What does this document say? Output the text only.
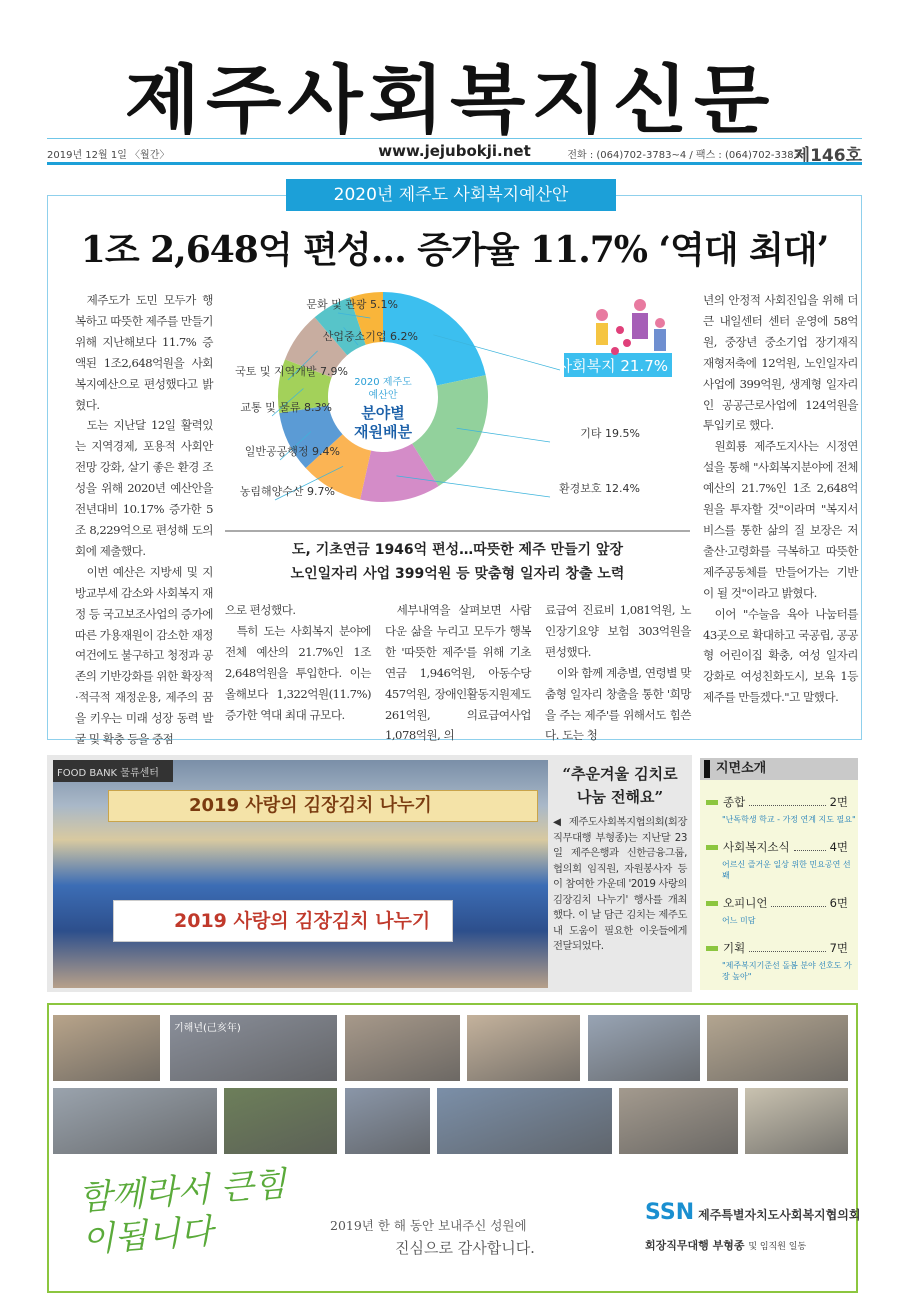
제주사회복지신문
2019년 12월 1일 〈월간〉	www.jejubokji.net	전화 : (064)702-3783~4 / 팩스 : (064)702-3383
제146호
2020년 제주도 사회복지예산안
1조 2,648억 편성… 증가율 11.7% ‘역대 최대’

제주도가 도민 모두가 행복하고 따뜻한 제주를 만들기 위해 지난해보다 11.7% 증액된 1조2,648억원을 사회복지예산으로 편성했다고 밝혔다.

도는 지난달 12일 활력있는 지역경제, 포용적 사회안전망 강화, 살기 좋은 환경 조성을 위해 2020년 예산안을 전년대비 10.17% 증가한 5조 8,229억으로 편성해 도의회에 제출했다.

이번 예산은 지방세 및 지방교부세 감소와 사회복지 재정 등 국고보조사업의 증가에 따른 가용재원이 감소한 재정여건에도 불구하고 청정과 공존의 기반강화를 위한 확장적·적극적 재정운용, 제주의 꿈을 키우는 미래 성장 동력 발굴 및 확충 등을 중점

사회복지 21.7%
기타 19.5%
환경보호 12.4%
농림해양수산 9.7%
일반공공행정 9.4%
교통 및 물류 8.3%
국토 및 지역개발 7.9%
산업중소기업 6.2%
문화 및 관광 5.1%
2020 제주도
예산안
분야별
재원배분
도, 기초연금 1946억 편성…따뜻한 제주 만들기 앞장
노인일자리 사업 399억원 등 맞춤형 일자리 창출 노력
으로 편성했다.

특히 도는 사회복지 분야에 전체 예산의 21.7%인 1조 2,648억원을 투입한다. 이는 올해보다 1,322억원(11.7%) 증가한 역대 최대 규모다.

세부내역을 살펴보면 사람다운 삶을 누리고 모두가 행복한 '따뜻한 제주'를 위해 기초연금 1,946억원, 아동수당 457억원, 장애인활동지원제도 261억원, 의료급여사업 1,078억원, 의

료급여 진료비 1,081억원, 노인장기요양 보험 303억원을 편성했다.

이와 함께 계층별, 연령별 맞춤형 일자리 창출을 통한 '희망을 주는 제주'를 위해서도 힘쓴다. 도는 청

년의 안정적 사회진입을 위해 더 큰 내일센터 센터 운영에 58억원, 중장년 중소기업 장기재직 재형저축에 12억원, 노인일자리사업에 399억원, 생계형 일자리인 공공근로사업에 124억원을 투입키로 했다.

원희룡 제주도지사는 시정연설을 통해 "사회복지분야에 전체예산의 21.7%인 1조 2,648억원을 투자할 것"이라며 "복지서비스를 통한 삶의 질 보장은 저출산·고령화를 극복하고 따뜻한 제주공동체를 만들어가는 기반이 될 것"이라고 밝혔다.

이어 "수눌음 육아 나눔터를 43곳으로 확대하고 국공립, 공공형 어린이집 확충, 여성 일자리 강화로 여성친화도시, 보육 1등 제주를 만들겠다."고 말했다.

FOOD BANK 물류센터
2019 사랑의 김장김치 나누기
2019 사랑의 김장김치 나누기
“추운겨울 김치로 나눔 전해요”
◀ 제주도사회복지협의회(회장직무대행 부형종)는 지난달 23일 제주은행과 신한금융그룹, 협의회 임직원, 자원봉사자 등이 참여한 가운데 '2019 사랑의 김장김치 나누기' 행사를 개최했다. 이 날 담근 김치는 제주도내 도움이 필요한 이웃들에게 전달되었다.
지면소개
종합	2면
"난독학생 학교 - 가정 연계 지도 필요"
사회복지소식	4면
어르신 즐거운 일상 위한 민요공연 선봬
오피니언	6면
어느 미담
기획	7면
"제주복지기준선 돌봄 분야 선호도 가장 높아"
기해년(己亥年)
함께라서 큰힘이됩니다	2019년 한 해 동안 보내주신 성원에
진심으로 감사합니다.
SSN 제주특별자치도사회복지협의회
회장직무대행 부형종 및 임직원 일동
